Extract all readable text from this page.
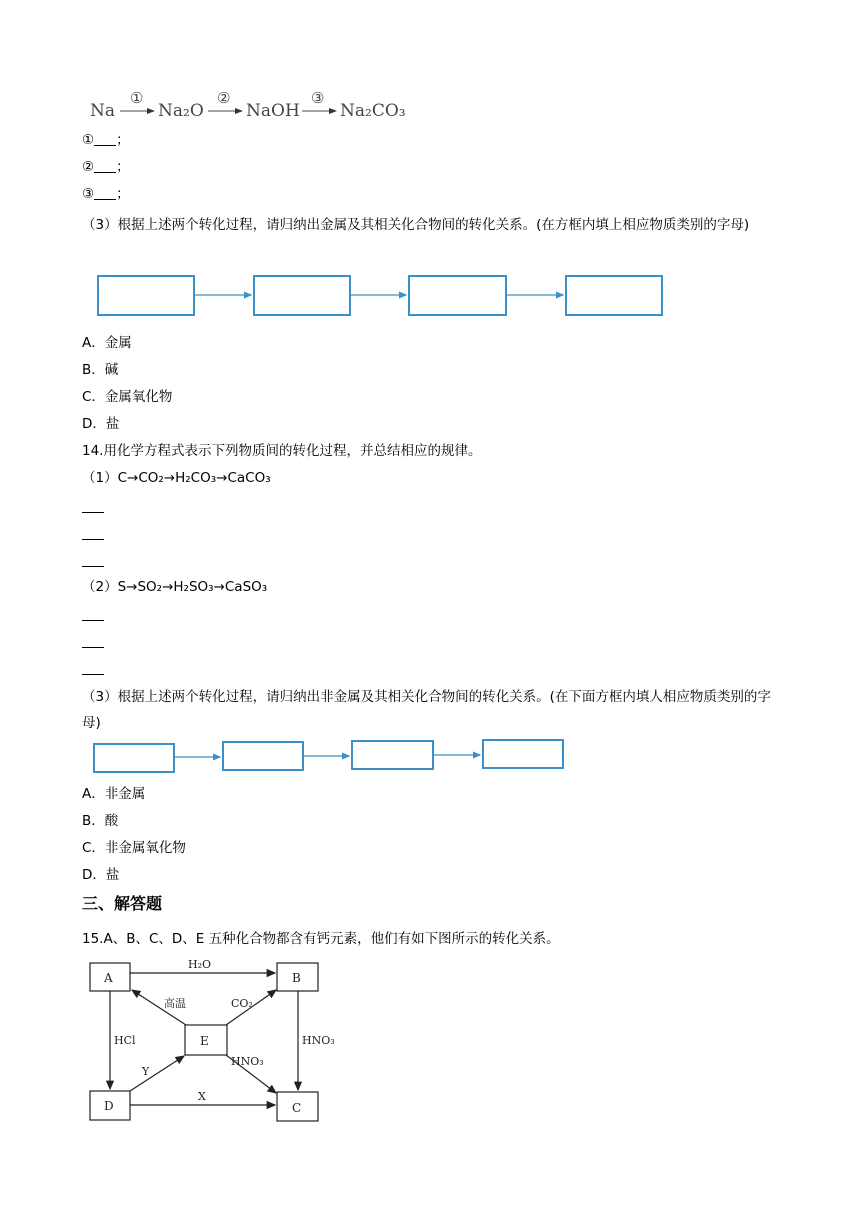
Na
①
Na₂O
②
NaOH
③
Na₂CO₃
① ；
② ；
③ ；
（3）根据上述两个转化过程，请归纳出金属及其相关化合物间的转化关系。(在方框内填上相应物质类别的字母)
A．金属
B．碱
C．金属氧化物
D．盐
14.用化学方程式表示下列物质间的转化过程，并总结相应的规律。
（1）C→CO₂→H₂CO₃→CaCO₃
（2）S→SO₂→H₂SO₃→CaSO₃
（3）根据上述两个转化过程，请归纳出非金属及其相关化合物间的转化关系。(在下面方框内填人相应物质类别的字母)
A．非金属
B．酸
C．非金属氧化物
D．盐
三、解答题
15.A、B、C、D、E 五种化合物都含有钙元素，他们有如下图所示的转化关系。
A	B
E
D	C
H₂O
高温	CO₂
HCl	HNO₃
HNO₃
Y
X
